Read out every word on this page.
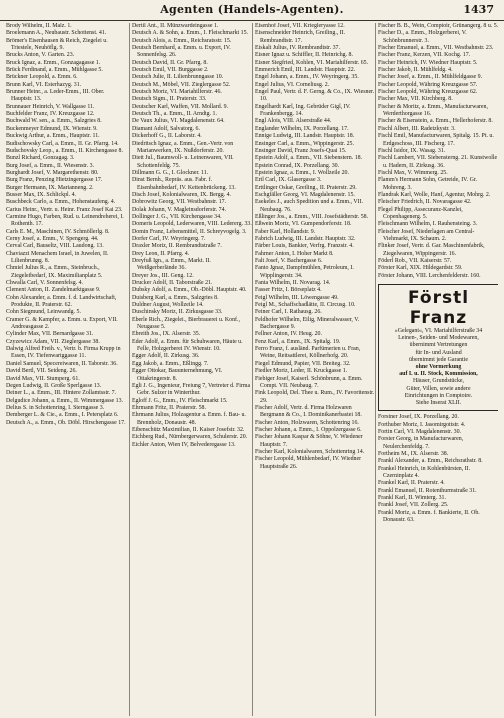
Agenten (Handels-Agenten).	1437
Brody Wilhelm, II. Malz. 1.
Broelemann A., Neubaustr. Schottenst. 41.
Brömer's Eisenhausen & Reich, Ziegelei u. Triestele, Neuhöflg. 9.
Brucks Anton, V. Garten. 23.
Bruck Ignaz, a. Emm., Gonzagagasse 1.
Brück Ferdinand, a. Emm., Mühlgasse 5.
Brückner Leopold, a. Emm. 6.
Brunn Karl, VI. Esterhazyg. 31.
Brunner Heinr., a. Leder-Emm., III. Ober. Hauptstr. 13.
Brunnauer Heinrich, V. Wallgasse 11.
Buchfelder Franz, IV. Kreuzgasse 12.
Buchwald W. sen., a. Emm., Salzgries 8.
Buckenmeyer Edmund, IX. Wienstr. 9.
Buckwig Arthur, a. Emm., Hauptstr. 11.
Budischowsky Carl, a. Emm., II. Gr. Pfarrg. 14.
Budschovsky Leop., a. Emm., II. Kirchengasse 8.
Bunzl Richard, Gonzagag. 3.
Burg Josef, a. Emm., II. Wiesenstr. 3.
Burghardt Josef, V. Margarethenstr. 80.
Burg Franz, Penzing Hietzingergasse 17.
Burger Hermann, IX. Marianneng. 2.
Busser Max, IX. Schlickpl. 4.
Buschbeck Carlo, a. Emm., Hohenstaufeng. 4.
Carius Heinr., Vertr. u. Heinr. Franz Josef Kai 23.
Carmine Hugo, Farben, Rud. u. Leinendreherei, I. Rothenth. 17.
Carls E. M., Maschinen, IV. Schmöllerlg. 8.
Cerny Josef, a. Emm., V. Spengerg. 44.
Cerval Carl, Bauseltz, VIII. Laudong. 13.
Chaviazzi Menachem Israel, in Juwelen, II. Lilienbrunng. 8.
Chmiel Julius R., a. Emm., Steinbruch., Ziegeleibedarf, IX. Maximilianplatz 5.
Chwalla Carl, V. Sonnenfelsg. 4.
Clement Anton, II. Zandelmarktgasse 9.
Cohn Alexander, a. Emm. f. d. Landwirtschaft, Produkte, II. Praterstr. 62.
Cohn Siegmund, Leinwandg. 5.
Cramer G. & Kampfer, a. Emm. u. Export, VII. Andreasgasse 2.
Cylinder Max, VII. Bernardgasse 31.
Czyzewicz Adam, VII. Zieglergasse 38.
Dalwig Alfred Freih. v., Vertr. b. Firma Krupp in Essen, IV. Tiefenwartggasse 11.
Daniel Samuel, Specereiwaren, II. Taborstr. 36.
David Bertl, VII. Seideng. 26.
David Max, VII. Stumperg. 61.
Degen Ludwig, II. Große Sperlgasse 13.
Deiner L., a. Emm., III. Hintere Zollamtsstr. 7.
Delgudice Johann, a. Emm., II. Wimmergasse 13.
Delius S. in Schottenring, I. Sterngasse 3.
Demberger L. & Cie., a. Emm., I. Petersplatz 6.
Deutsch A., a. Emm., Ob. Döbl. Hirschengasse 17.
Dertil Ant., II. Münzwardeingasse 1.
Deutsch A. & Sohn, a. Emm., I. Fleischmarkt 15.
Deutsch Alois, a. Emm., Reichsratsstr. 15.
Deutsch Bernhard, a. Emm. u. Export, IV. Sonnenfelsg. 26.
Deutsch David, II. Gr. Pfarrg. 8.
Deutsch Emil, VII. Burggasse 2.
Deutsch Julie, II. Lilienbrunngasse 10.
Deutsch M., Möbel, VII. Zieglergasse 52.
Deutsch Moriz, VI. Mariahilferstr. 46.
Deutsch Sigm., II. Praterstr. 33.
Deutscher Karl, Waffen, VII. Mollard. 9.
Deutsch Th., a. Emm., II. Arndtg. 1.
De Vaux Julius, VI. Magdalenenstr. 64.
Diamant Adolf, Salvatorg. 6.
Dickerhoff G., II. Laborstr. 4.
Diedritsch Ignaz, a. Emm., Gen.-Vertr. von Marianwerken, IX. Nußdorferstr. 20.
Diett Jul., Baumwoll- u. Leinenwaren, VII. Schottenfeldg. 75.
Dillmann G. G., I. Glockner. 11.
Dinst Bernh., Repräs. aus. Fabr. f. Eisenbahnbedarf, IV. Kettenbrückeng. 13.
Disch Josef, Kolonialwaren, IX. Bergg. 4.
Dobrowitz Georg, VII. Westbahnstr. 17.
Dolak Johann, V. Magleinsdorferstr. 74.
Dollinger J. G., VII. Kirchengasse 34.
Domeris Leopold, Lederwaren, VIII. Ledererg. 33.
Domin Franz, Lebensmittel, II. Schreyvogelg. 3.
Dorfer Carl, IV. Weyringerg. 7.
Draxler Moriz, II. Rembrandtstraße 7.
Drey Leon, II. Pfarrg. 4.
Dreyfuß Ign., a. Emm., Markt. II. Weißgerberlände 36.
Dreyer Jos., III. Geng. 12.
Drucker Adolf, II. Taborstraße 21.
Dubsky Adolf, a. Emm., Ob.-Döbl. Hauptstr. 40.
Duisberg Karl, a. Emm., Salzgries 8.
Duldner August, Wollzeile 14.
Duschinsky Moriz, II. Zirkusgasse 33.
Eberle Rich., Ziegelei., Bierbrauerei u. Konf., Neugasse 5.
Ebreith Jos., IX. Alserstr. 35.
Eder Adolf, a. Emm. für Schuhwaren, Häute u. Felle, Holzgerberei IV. Wienstr. 10.
Egger Adolf, II. Zirkusg. 36.
Egg Jakob, a. Emm., Eßlingg. 7.
Egger Ottokar, Bauunternehmung, VI. Ottakringerstr. 8.
Egli J. G., Ingenieur, Freiung 7, Vertreter d. Firma Gebr. Sulzer in Winterthur.
Egloff J. G., Emm., IV. Fleischmarkt 15.
Ehrmann Fritz, II. Praterstr. 58.
Ehrmann Julius, Holzagentur a. Emm. f. Bau- u. Brennholz, Donaustr. 48.
Eibenschütz Maximilian, II. Kaiser Josefstr. 32.
Eichberg Rud., Nürnbergerwaren, Schulerstr. 20.
Eichler Anton, Wien IV, Belvederegasse 13.
Eisenhof Josef, VII. Kriegleryasse 12.
Eisenschneider Heinrich, Greiling., II. Rembrandtstr. 17.
Eiskalt Julius, IV. Rembrandtstr. 37.
Eisner Ignaz u. Schiffler, II. Heinrichg. 8.
Eisner Siegfried, Kohlen, VI. Mariahilferstr. 65.
Emmerich Emil, III. Landstr. Hauptstr. 22.
Engel Johann, a. Emm., IV. Weyringerg. 35.
Engel Julius, VI. Corneliusg. 2.
Engel Paul, Vertr. d. F. Gerng. & Co., IX. Wiesner. 10.
Engelhardt Karl, Ing. Gebrüder Gigl, IV. Frankenbergg. 14.
Engl Alois, VIII. Alserstraße 44.
Englander Wilhelm, IX. Porzellang. 17.
Ennige Ludwig, III. Landstr. Hauptstr. 18.
Ensinger Carl, a. Emm., Wippingerstr. 25.
Ensinger David, Franz Josefs-Quai 15.
Epstein Adolf, a. Emm., VII. Siebenstern. 18.
Epstein Conrad, IX. Porzellang. 30.
Epstein Ignaz, a. Emm., I. Wollzeile 20.
Ertl Carl, IX. Glasergasse 3.
Erttlinger Oskar, Greiling., II. Praterstr. 29.
Eschgfäller Georg, VI. Magdalenenstr. 15.
Esekeles J., auch Spedition und a. Emm., VII. Neubaug. 76.
Eßlinger Jos., a. Emm., VIII. Josefstädterstr. 58.
Eßwein Moriz, VI. Gumpendorferstr. 18.
Faber Karl, Hollandstr. 9.
Fabrich Ludwig, III. Landstr. Hauptstr. 32.
Färber Louis, Bankier, Verfrg. Franzstr. 4.
Fahrner Anton, I. Hoher Markt 8.
Falt Josef, V. Bachergasse 6.
Fanto Jgnaz, Dampfmühlen, Petroleum, I. Wipplingerstr. 34.
Fanta Wilhelm, II. Novarag. 14.
Fasser Fritz, I. Börseplatz 4.
Feigl Wilhelm, III. Löwengasse 49.
Feigl M., Schaffschadlätte, II. Circusg. 10.
Feiner Carl, I. Rathausg. 26.
Feldhofer Wilhelm, Eilig, Mineralwasser, V. Bachergasse 9.
Fellner Anton, IV. Heug. 20.
Fenz Karl, a. Emm., IX. Spitalg. 19.
Ferro Franz, f. ausländ. Parfümerien u. Fran, Weine, Reitsattlerei, Köllnerhofg. 20.
Fiegel Edmund, Papier, VII. Breiteg. 32.
Fiedler Moriz, Leder, II. Kruckgasse 1.
Fiebiger Josef, Kaiserl. Schönbrunn, a. Emm. Compt. VII. Neubaug. 7.
Fink Leopold, Del. Thee u. Rum., IV. Favoritenstr. 29.
Fischer Adolf, Vertr. d. Firma Holzwaren Bergmann & Co., I. Dominikanerbastei 18.
Fischer Anton, Holzwaren, Schottenring 16.
Fischer Johann, a. Emm., I. Oppolzergasse 6.
Fischer Johann Kaspar & Söhne, V. Wiedener Hauptstr. 7.
Fischer Karl, Kolonialwaren, Schottenring 14.
Fischer Leopold, Mühlenbedarf, IV. Wiedner Hauptstraße 26.
Fischer B. B., Wein, Comptoir, Grünangerg. 8 u. 5.
Fischer D., a. Emm., Holzgerberei, V. Schönbrunnerstr. 3.
Fischer Emanuel, a. Emm., VII. Westbahnstr. 23.
Fischer Franz, Kerzen, VII. Kochg. 17.
Fischer Heinrich, IV. Wiedner Hauptstr. 5.
Fischer Jakob, II. Mühlfeldg. 4.
Fischer Josef, a. Emm., II. Mühlfeldgasse 9.
Fischer Leopold, Währing Kreuzgasse 57.
Fischer Leopold, Währing Kreuzgasse 62.
Fischer Max, VII. Kirchberg. 8.
Fischer & Moritz, a. Emm., Manufacturwaren, Werderthorgasse 16.
Fischer & Eisenstein, a. Emm., Hellerhoferstr. 8.
Fischl Albert, III. Radetzkystr. 3.
Fischl Emil, Manufacturwaren, Spitalg. 15. Pt. u. Erdgeschoss, III. Fischerg. 17.
Fischl Isidor, IX. Wasag. 31.
Fischl Lambert, VII. Siebensterng. 21. Kunstwolle u. Hadern, II. Zirkusg. 36.
Fischl Max, V. Wimmerg. 25.
Flamm's Hermann Sohn, Getreide, IV. Gr. Mohreng. 3.
Flandrak Karl, Wolle, Hanf, Agentur, Mohrg. 2.
Fleischer Friedrich, II. Novaragasse 42.
Flegel Philipp, Assecuranz-Kanzlei, Copenhagenerg. 5.
Fleischmann Wilhelm, I. Rauhensteing. 3.
Fleischer Josef, Niederlagen am Central-Viehmarkt, IX. Schaum. 2.
Flinker Josef, Vertr. d. Gar. Maschinenfabrik, Ziegelwaren, Wippingerstr. 16.
Föderl Rob., VII. Kaiserstr. 57.
Förster Karl, XIX. Hildegardstr. 59.
Förster Johann, VIII. Lerchenfelderstr. 160.
Förstl Franz
»Gelegant«, VI. Mariahilferstraße 34
Leinen-, Seiden- und Modewaren,
übernimmt Vertretungen
für In- und Ausland
übernimmt jede Garantie
ohne Vormerkung
auf I. u. II. Stock, Kommission,
Häuser, Grundstücke,
Güter, Villen, sowie andere
Einrichtungen in Comptoire.
Siehe Inserat XLII.
Forstner Josef, IX. Porzellang. 20.
Forthuber Moriz, I. Jasomirgottstr. 4.
Fortin Carl, VI. Magdalenenstr. 30.
Forster Georg, in Manufacturwaren, Neulerchenfeldg. 7.
Fortheim M., IX. Alserstr. 38.
Frankl Alexander, a. Emm., Reichsrathstr. 8.
Frankel Heinrich, in Kohlenbürsten, II. Czerninplatz 4.
Frankel Karl, II. Praterstr. 4.
Frankl Emanuel, II. Rotenthurmstraße 31.
Frankl Karl, II. Wimterg. 31.
Frankl Josef, VII. Zollerg. 25.
Frankl Moriz, a. Emm. f. Bankierte, II. Ob. Donaustr. 63.
